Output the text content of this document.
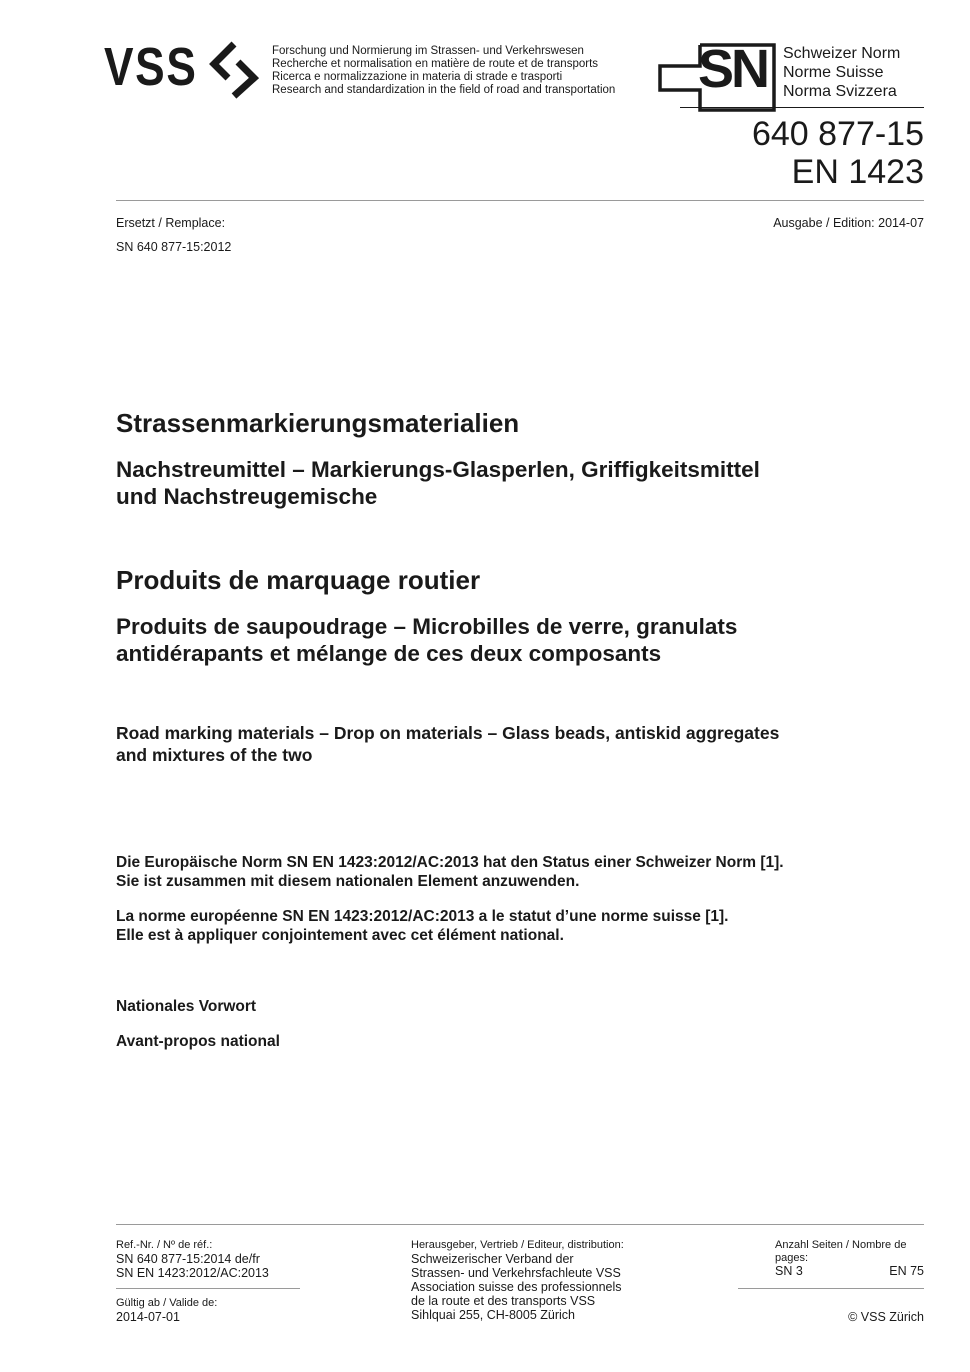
VSS	Forschung und Normierung im Strassen- und Verkehrswesen
Recherche et normalisation en matière de route et de transports
Ricerca e normalizzazione in materia di strade e trasporti
Research and standardization in the field of road and transportation SN Schweizer Norm
Norme Suisse
Norma Svizzera
640 877-15
EN 1423
Ersetzt / Remplace:
SN 640 877-15:2012
Ausgabe / Edition: 2014-07
Strassenmarkierungsmaterialien
Nachstreumittel – Markierungs-Glasperlen, Griffigkeitsmittel
und Nachstreugemische
Produits de marquage routier
Produits de saupoudrage – Microbilles de verre, granulats
antidérapants et mélange de ces deux composants
Road marking materials – Drop on materials – Glass beads, antiskid aggregates
and mixtures of the two
Die Europäische Norm SN EN 1423:2012/AC:2013 hat den Status einer Schweizer Norm [1].
Sie ist zusammen mit diesem nationalen Element anzuwenden.
La norme européenne SN EN 1423:2012/AC:2013 a le statut d’une norme suisse [1].
Elle est à appliquer conjointement avec cet élément national.
Nationales Vorwort
Avant-propos national
Ref.-Nr. / Nº de réf.:
SN 640 877-15:2014 de/fr
SN EN 1423:2012/AC:2013
Gültig ab / Valide de:
2014-07-01
Herausgeber, Vertrieb / Editeur, distribution:
Schweizerischer Verband der
Strassen- und Verkehrsfachleute VSS
Association suisse des professionnels
de la route et des transports VSS
Sihlquai 255, CH-8005 Zürich
Anzahl Seiten / Nombre de pages:
SN 3	EN 75
© VSS Zürich
